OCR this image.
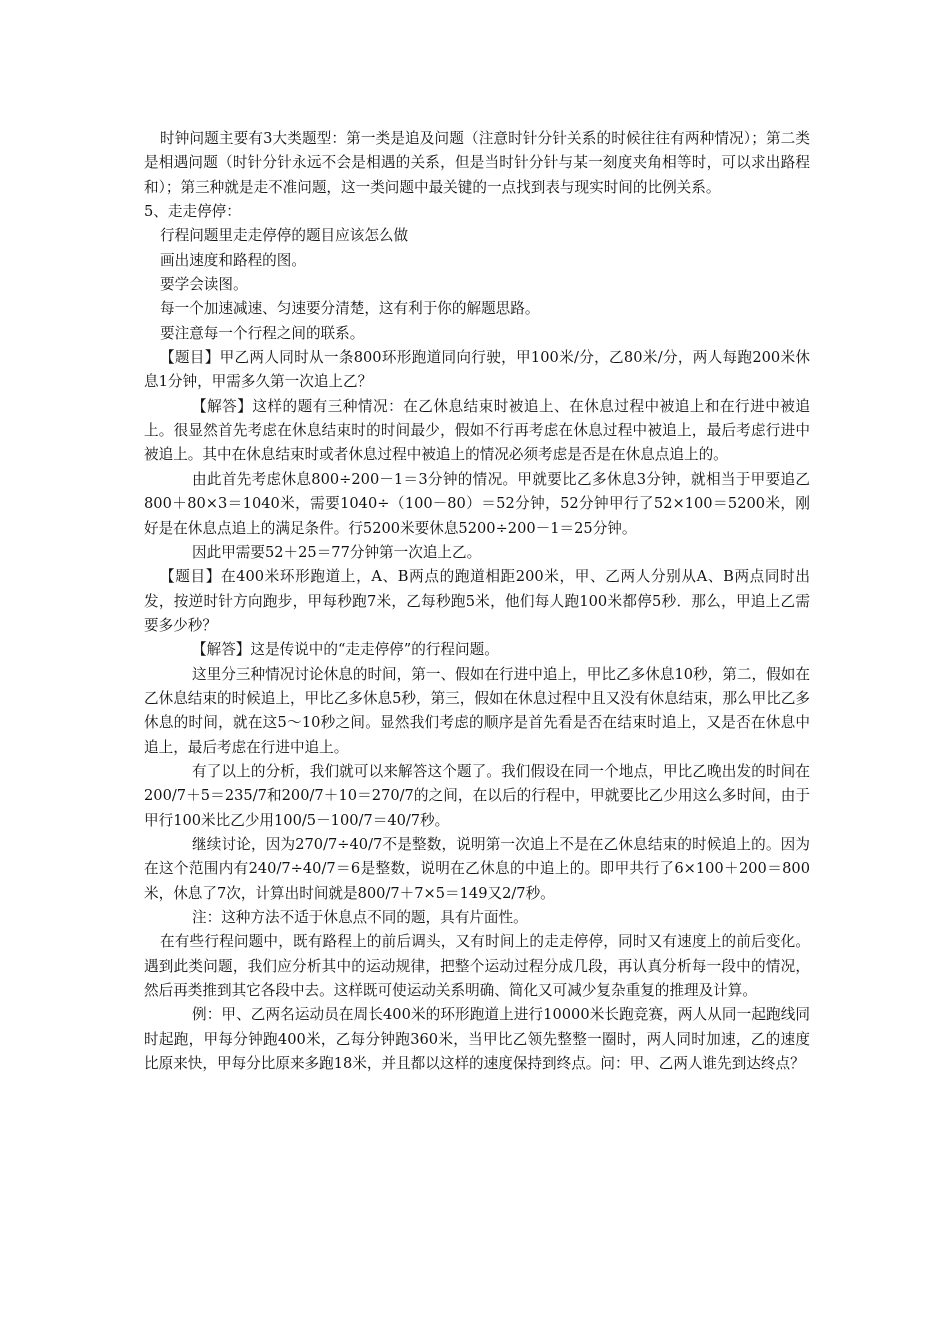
时钟问题主要有3大类题型：第一类是追及问题（注意时针分针关系的时候往往有两种情况）；第二类是相遇问题（时针分针永远不会是相遇的关系，但是当时针分针与某一刻度夹角相等时，可以求出路程和）；第三种就是走不准问题，这一类问题中最关键的一点找到表与现实时间的比例关系。

5、走走停停：

行程问题里走走停停的题目应该怎么做

画出速度和路程的图。

要学会读图。

每一个加速减速、匀速要分清楚，这有利于你的解题思路。

要注意每一个行程之间的联系。

【题目】甲乙两人同时从一条800环形跑道同向行驶，甲100米/分，乙80米/分，两人每跑200米休息1分钟，甲需多久第一次追上乙？

【解答】这样的题有三种情况：在乙休息结束时被追上、在休息过程中被追上和在行进中被追上。很显然首先考虑在休息结束时的时间最少，假如不行再考虑在休息过程中被追上，最后考虑行进中被追上。其中在休息结束时或者休息过程中被追上的情况必须考虑是否是在休息点追上的。

由此首先考虑休息800÷200－1＝3分钟的情况。甲就要比乙多休息3分钟，就相当于甲要追乙800＋80×3＝1040米，需要1040÷（100－80）＝52分钟，52分钟甲行了52×100＝5200米，刚好是在休息点追上的满足条件。行5200米要休息5200÷200－1＝25分钟。

因此甲需要52＋25＝77分钟第一次追上乙。

【题目】在400米环形跑道上，A、B两点的跑道相距200米，甲、乙两人分别从A、B两点同时出发，按逆时针方向跑步，甲每秒跑7米，乙每秒跑5米，他们每人跑100米都停5秒．那么，甲追上乙需要多少秒？

【解答】这是传说中的“走走停停”的行程问题。

这里分三种情况讨论休息的时间，第一、假如在行进中追上，甲比乙多休息10秒，第二，假如在乙休息结束的时候追上，甲比乙多休息5秒，第三，假如在休息过程中且又没有休息结束，那么甲比乙多休息的时间，就在这5～10秒之间。显然我们考虑的顺序是首先看是否在结束时追上，又是否在休息中追上，最后考虑在行进中追上。

有了以上的分析，我们就可以来解答这个题了。我们假设在同一个地点，甲比乙晚出发的时间在200/7＋5＝235/7和200/7＋10＝270/7的之间，在以后的行程中，甲就要比乙少用这么多时间，由于甲行100米比乙少用100/5－100/7＝40/7秒。

继续讨论，因为270/7÷40/7不是整数，说明第一次追上不是在乙休息结束的时候追上的。因为在这个范围内有240/7÷40/7＝6是整数，说明在乙休息的中追上的。即甲共行了6×100＋200＝800米，休息了7次，计算出时间就是800/7＋7×5＝149又2/7秒。

注：这种方法不适于休息点不同的题，具有片面性。

在有些行程问题中，既有路程上的前后调头，又有时间上的走走停停，同时又有速度上的前后变化。遇到此类问题，我们应分析其中的运动规律，把整个运动过程分成几段，再认真分析每一段中的情况，然后再类推到其它各段中去。这样既可使运动关系明确、简化又可减少复杂重复的推理及计算。

例：甲、乙两名运动员在周长400米的环形跑道上进行10000米长跑竞赛，两人从同一起跑线同时起跑，甲每分钟跑400米，乙每分钟跑360米，当甲比乙领先整整一圈时，两人同时加速，乙的速度比原来快，甲每分比原来多跑18米，并且都以这样的速度保持到终点。问：甲、乙两人谁先到达终点？
